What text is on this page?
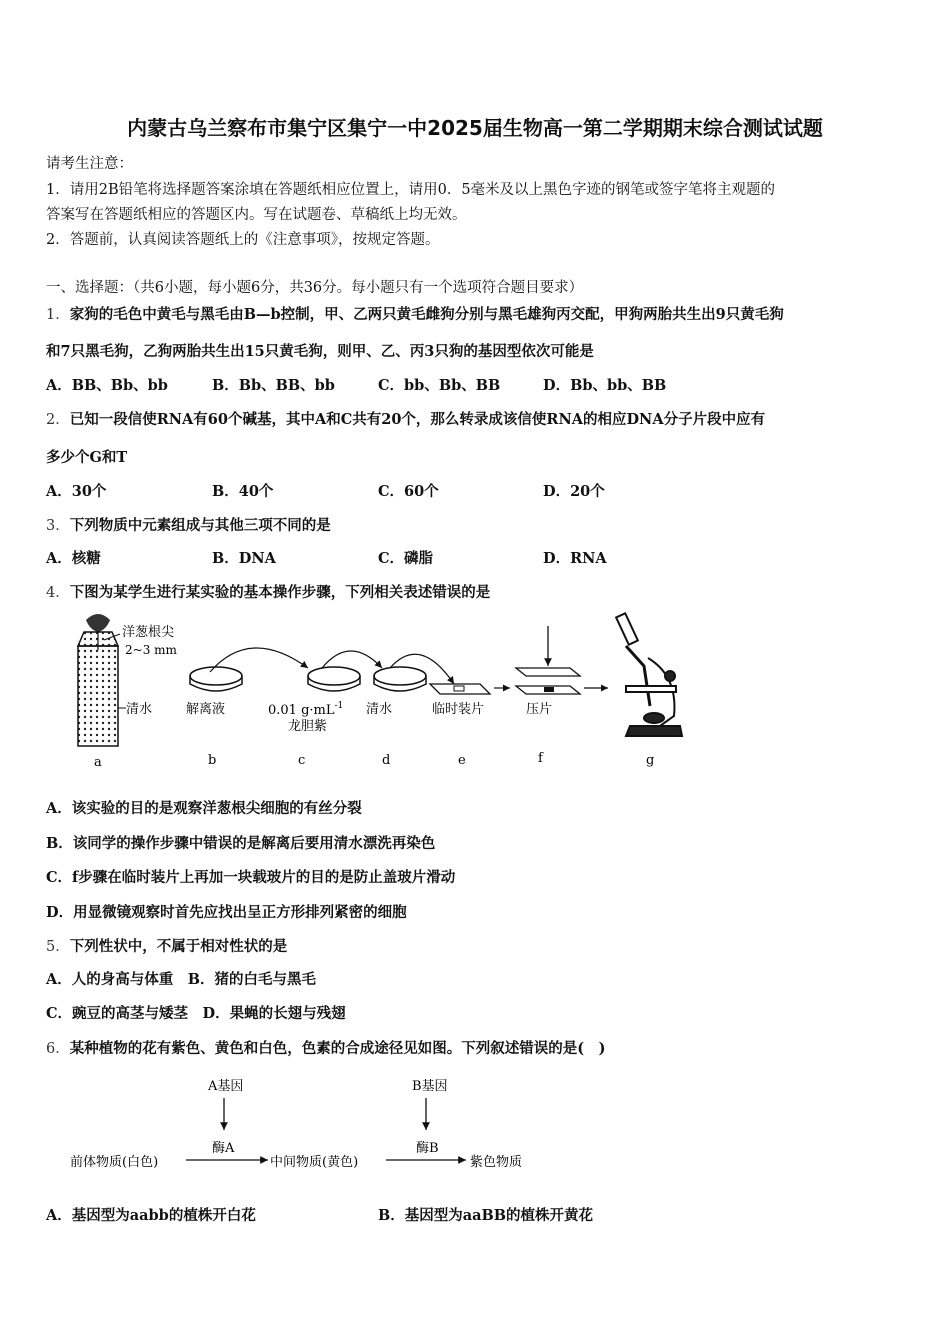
内蒙古乌兰察布市集宁区集宁一中2025届生物高一第二学期期末综合测试试题
请考生注意：
1．请用2B铅笔将选择题答案涂填在答题纸相应位置上，请用0．5毫米及以上黑色字迹的钢笔或签字笔将主观题的
答案写在答题纸相应的答题区内。写在试题卷、草稿纸上均无效。
2．答题前，认真阅读答题纸上的《注意事项》，按规定答题。
一、选择题：（共6小题，每小题6分，共36分。每小题只有一个选项符合题目要求）
1．家狗的毛色中黄毛与黑毛由B—b控制，甲、乙两只黄毛雌狗分别与黑毛雄狗丙交配，甲狗两胎共生出9只黄毛狗
和7只黑毛狗，乙狗两胎共生出15只黄毛狗，则甲、乙、丙3只狗的基因型依次可能是
A．BB、Bb、bb	B．Bb、BB、bb	C．bb、Bb、BB	D．Bb、bb、BB
2．已知一段信使RNA有60个碱基，其中A和C共有20个，那么转录成该信使RNA的相应DNA分子片段中应有
多少个G和T
A．30个	B．40个	C．60个	D．20个
3．下列物质中元素组成与其他三项不同的是
A．核糖	B．DNA	C．磷脂	D．RNA
4．下图为某学生进行某实验的基本操作步骤，下列相关表述错误的是
洋葱根尖
2~3 mm
清水	解离液	0.01 $g\cdot mL^{-1}$
龙胆紫
清水	临时装片	压片
a	b	c	d	e	f	g
A．该实验的目的是观察洋葱根尖细胞的有丝分裂
B．该同学的操作步骤中错误的是解离后要用清水漂洗再染色
C．f步骤在临时装片上再加一块载玻片的目的是防止盖玻片滑动
D．用显微镜观察时首先应找出呈正方形排列紧密的细胞
5．下列性状中，不属于相对性状的是
A．人的身高与体重　B．猪的白毛与黑毛
C．豌豆的高茎与矮茎　D．果蝇的长翅与残翅
6．某种植物的花有紫色、黄色和白色，色素的合成途径见如图。下列叙述错误的是(　)
A基因
酶A
B基因
酶B
前体物质(白色)	中间物质(黄色)	紫色物质
A．基因型为aabb的植株开白花	B．基因型为aaBB的植株开黄花
